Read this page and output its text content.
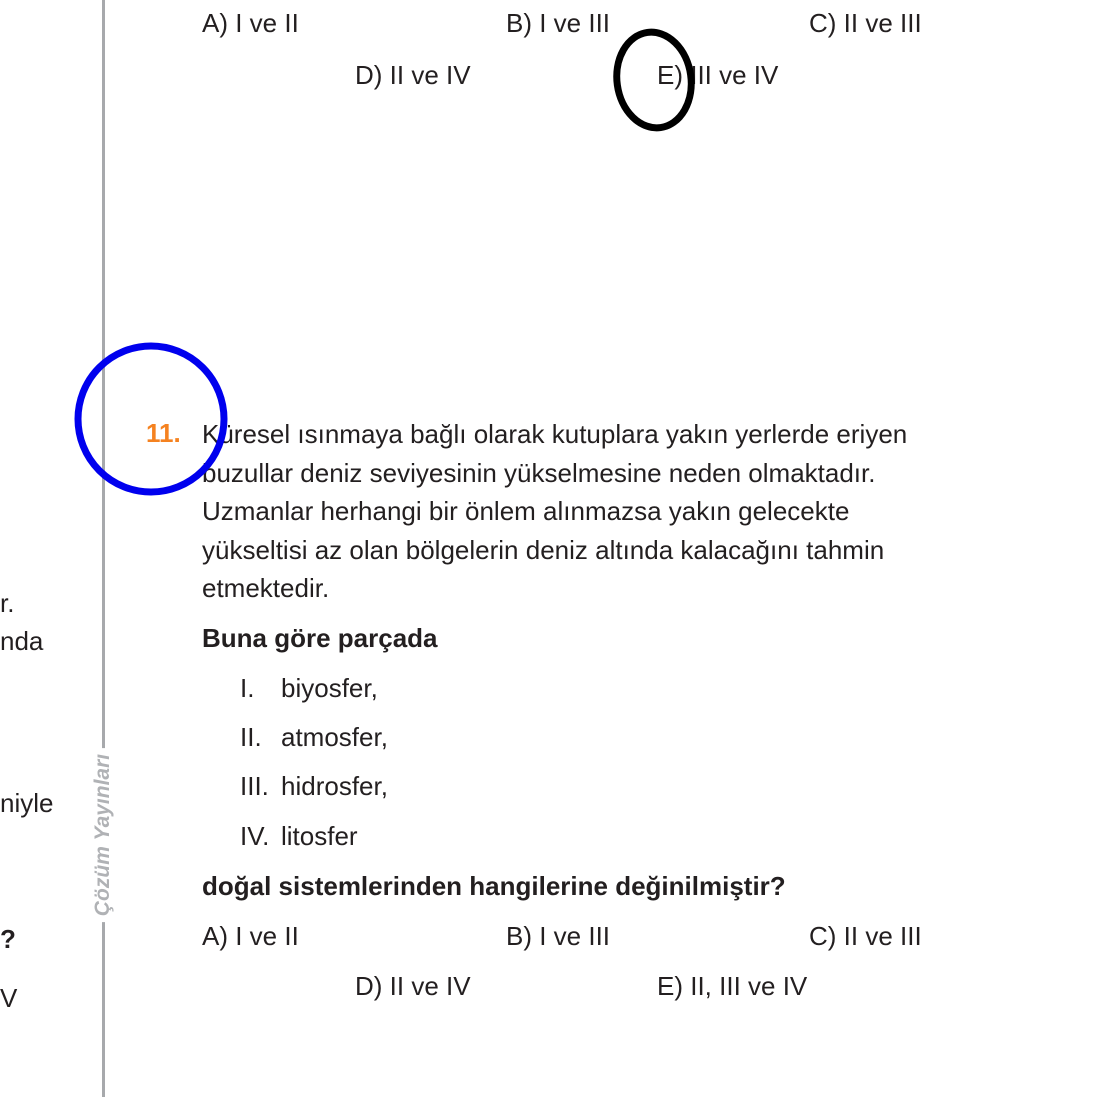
Çözüm Yayınları
r.
nda
niyle
?
V
A) I ve II	B) I ve III	C) II ve III
D) II ve IV	E) III ve IV
11. Küresel ısınmaya bağlı olarak kutuplara yakın yerlerde eriyen
buzullar deniz seviyesinin yükselmesine neden olmaktadır.
Uzmanlar herhangi bir önlem alınmazsa yakın gelecekte
yükseltisi az olan bölgelerin deniz altında kalacağını tahmin
etmektedir.
Buna göre parçada
I. biyosfer,
II. atmosfer,
III. hidrosfer,
IV. litosfer
doğal sistemlerinden hangilerine değinilmiştir?
A) I ve II	B) I ve III	C) II ve III
D) II ve IV	E) II, III ve IV
